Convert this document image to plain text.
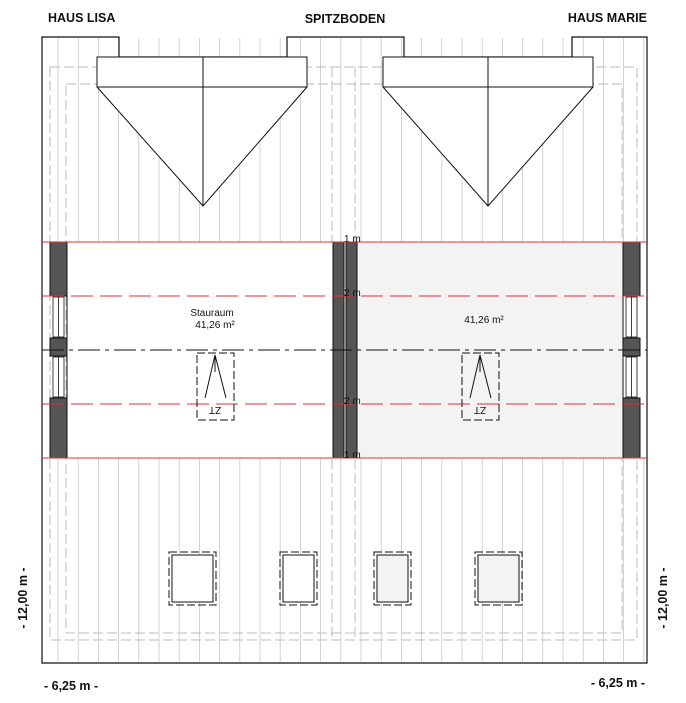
ZT	ZT
HAUS LISA	SPITZBODEN	HAUS MARIE
Stauraum
41,26 m²	41,26 m²
1 m
2 m
2 m
1 m
- 6,25 m -	- 6,25 m -
- 12,00 m -	- 12,00 m -
